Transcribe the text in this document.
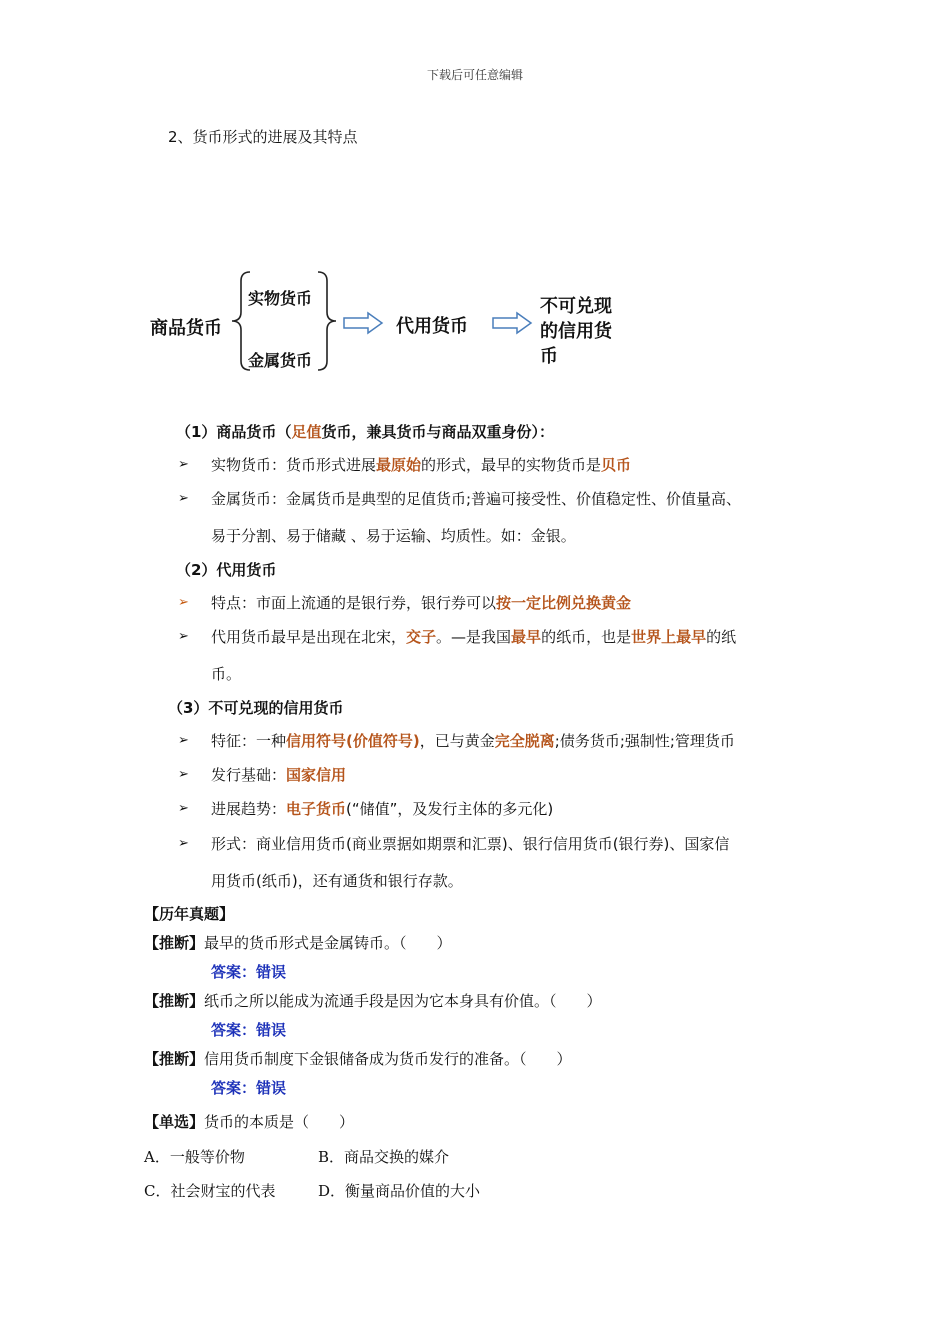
下载后可任意编辑
2、货币形式的进展及其特点
商品货币
实物货币
金属货币
代用货币
不可兑现
的信用货
币
（1）商品货币（足值货币，兼具货币与商品双重身份）：
➢ 实物货币：货币形式进展最原始的形式，最早的实物货币是贝币
➢ 金属货币：金属货币是典型的足值货币;普遍可接受性、价值稳定性、价值量高、
易于分割、易于储藏 、易于运输、均质性。如：金银。
（2）代用货币
➢ 特点：市面上流通的是银行券，银行券可以按一定比例兑换黄金
➢ 代用货币最早是出现在北宋，交子。—是我国最早的纸币，也是世界上最早的纸
币。
（3）不可兑现的信用货币
➢ 特征：一种信用符号(价值符号)，已与黄金完全脱离;债务货币;强制性;管理货币
➢ 发行基础：国家信用
➢ 进展趋势：电子货币(“储值”，及发行主体的多元化)
➢ 形式：商业信用货币(商业票据如期票和汇票)、银行信用货币(银行券)、国家信
用货币(纸币)，还有通货和银行存款。
【历年真题】
【推断】最早的货币形式是金属铸币。（　　）
答案：错误
【推断】纸币之所以能成为流通手段是因为它本身具有价值。（　　）
答案：错误
【推断】信用货币制度下金银储备成为货币发行的准备。（　　）
答案：错误
【单选】货币的本质是（　　）
A．一般等价物	B．商品交换的媒介
C．社会财宝的代表	D．衡量商品价值的大小
